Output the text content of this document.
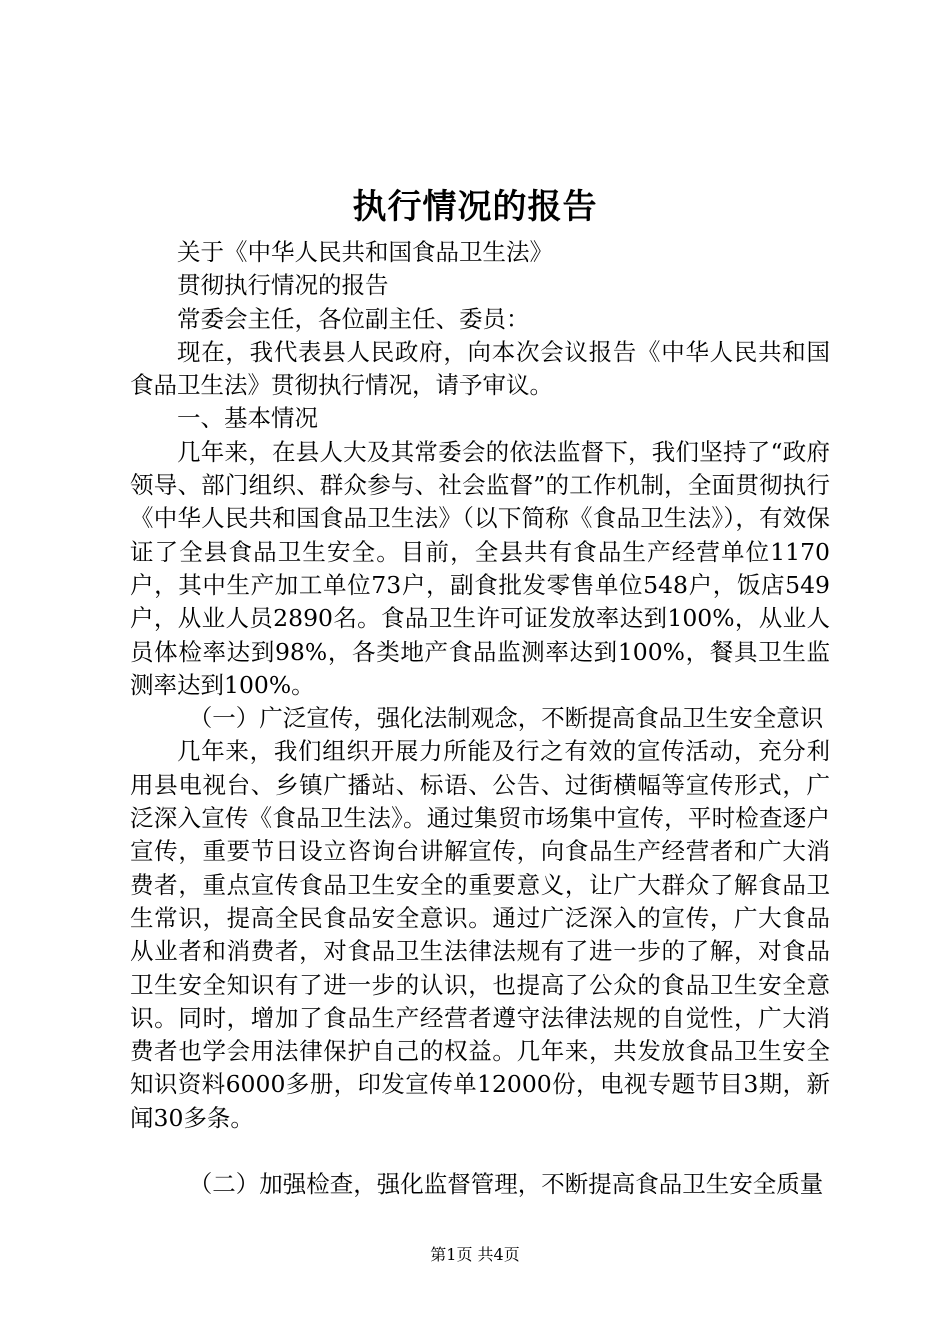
执行情况的报告

关于《中华人民共和国食品卫生法》

贯彻执行情况的报告

常委会主任，各位副主任、委员：

现在，我代表县人民政府，向本次会议报告《中华人民共和国食品卫生法》贯彻执行情况，请予审议。

一、基本情况

几年来，在县人大及其常委会的依法监督下，我们坚持了“政府领导、部门组织、群众参与、社会监督”的工作机制，全面贯彻执行《中华人民共和国食品卫生法》（以下简称《食品卫生法》），有效保证了全县食品卫生安全。目前，全县共有食品生产经营单位1170户，其中生产加工单位73户，副食批发零售单位548户，饭店549户，从业人员2890名。食品卫生许可证发放率达到100%，从业人员体检率达到98%，各类地产食品监测率达到100%，餐具卫生监测率达到100%。

（一）广泛宣传，强化法制观念，不断提高食品卫生安全意识

几年来，我们组织开展力所能及行之有效的宣传活动，充分利用县电视台、乡镇广播站、标语、公告、过街横幅等宣传形式，广泛深入宣传《食品卫生法》。通过集贸市场集中宣传，平时检查逐户宣传，重要节日设立咨询台讲解宣传，向食品生产经营者和广大消费者，重点宣传食品卫生安全的重要意义，让广大群众了解食品卫生常识，提高全民食品安全意识。通过广泛深入的宣传，广大食品从业者和消费者，对食品卫生法律法规有了进一步的了解，对食品卫生安全知识有了进一步的认识，也提高了公众的食品卫生安全意识。同时，增加了食品生产经营者遵守法律法规的自觉性，广大消费者也学会用法律保护自己的权益。几年来，共发放食品卫生安全知识资料6000多册，印发宣传单12000份，电视专题节目3期，新闻30多条。

（二）加强检查，强化监督管理，不断提高食品卫生安全质量

第1页 共4页
